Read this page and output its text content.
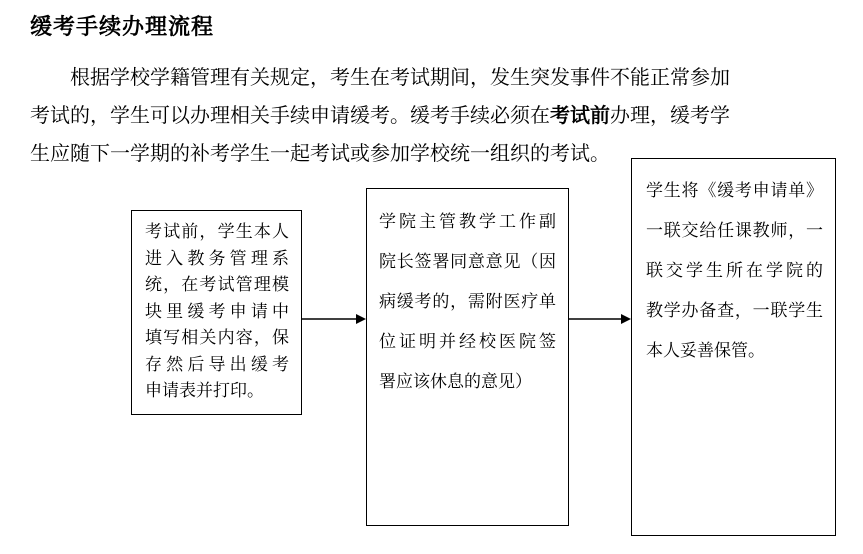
缓考手续办理流程
根据学校学籍管理有关规定，考生在考试期间，发生突发事件不能正常参加
考试的，学生可以办理相关手续申请缓考。缓考手续必须在考试前办理，缓考学
生应随下一学期的补考学生一起考试或参加学校统一组织的考试。
考试前，学生本人
进入教务管理系
统，在考试管理模
块里缓考申请中
填写相关内容，保
存然后导出缓考
申请表并打印。
学院主管教学工作副
院长签署同意意见（因
病缓考的，需附医疗单
位证明并经校医院签
署应该休息的意见）
学生将《缓考申请单》
一联交给任课教师，一
联交学生所在学院的
教学办备查，一联学生
本人妥善保管。
